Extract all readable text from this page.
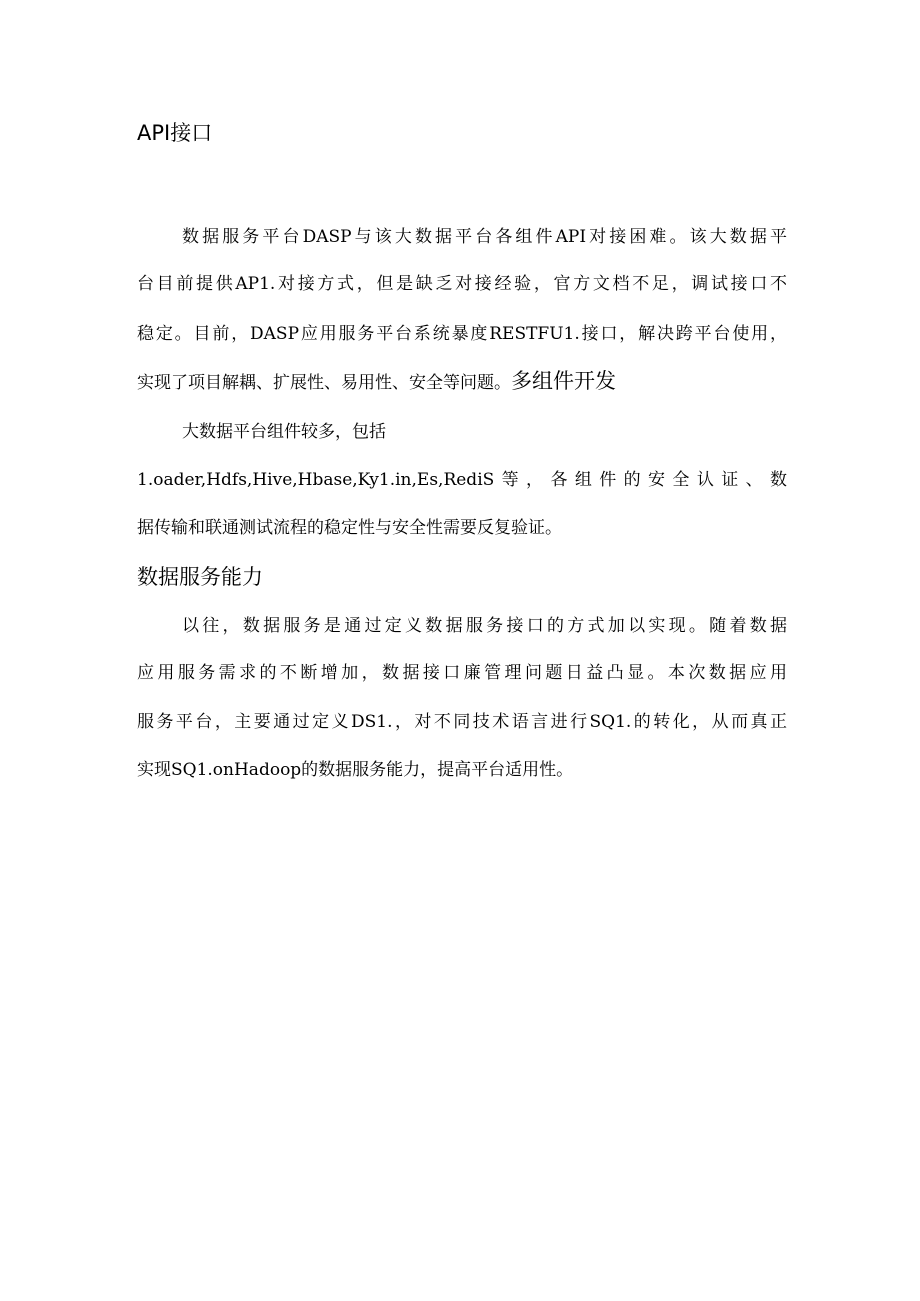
API接口
数据服务平台DASP与该大数据平台各组件API对接困难。该大数据平
台目前提供AP1.对接方式，但是缺乏对接经验，官方文档不足，调试接口不
稳定。目前，DASP应用服务平台系统暴度RESTFU1.接口，解决跨平台使用，
实现了项目解耦、扩展性、易用性、安全等问题。多组件开发
大数据平台组件较多，包括
1.oader,Hdfs,Hive,Hbase,Ky1.in,Es,RediS等，各组件的安全认证、数
据传输和联通测试流程的稳定性与安全性需要反复验证。
数据服务能力
以往，数据服务是通过定义数据服务接口的方式加以实现。随着数据
应用服务需求的不断增加，数据接口廉管理问题日益凸显。本次数据应用
服务平台，主要通过定义DS1.，对不同技术语言进行SQ1.的转化，从而真正
实现SQ1.onHadoop的数据服务能力，提高平台适用性。
